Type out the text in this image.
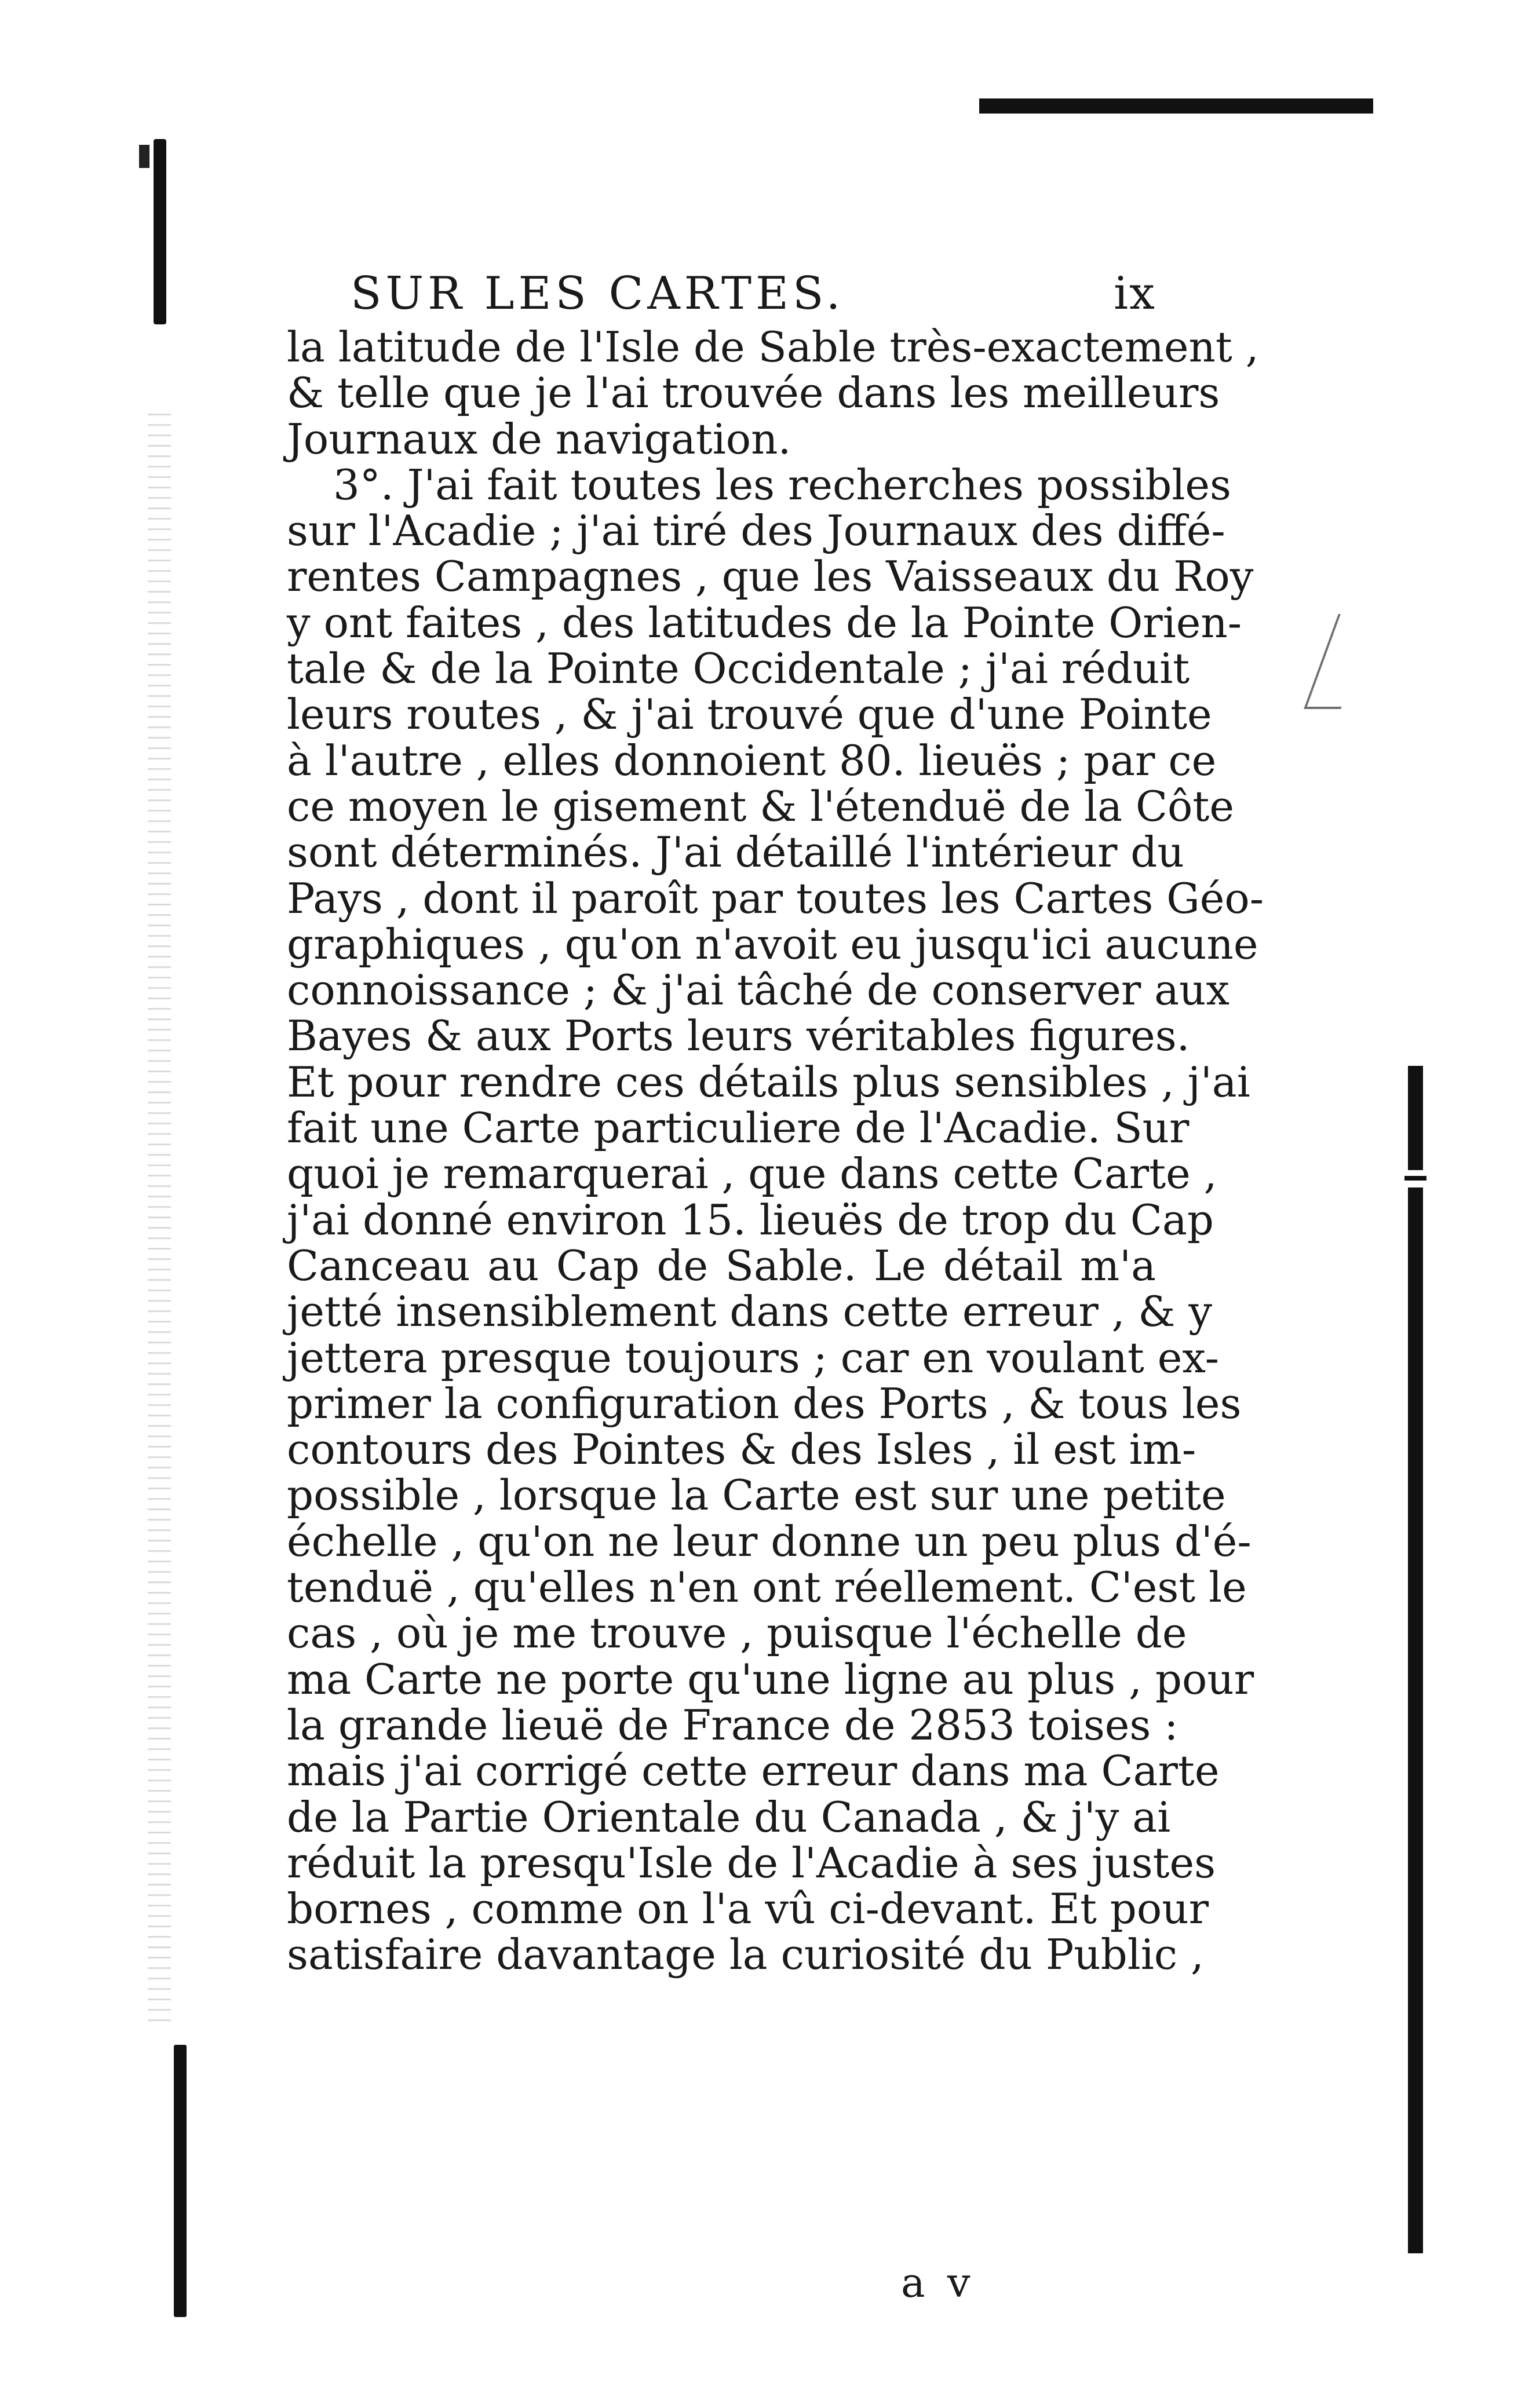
SUR LES CARTES.	ix
la latitude de l'Isle de Sable très-exactement ,
& telle que je l'ai trouvée dans les meilleurs
Journaux de navigation.
3°. J'ai fait toutes les recherches possibles
sur l'Acadie ; j'ai tiré des Journaux des diffé-
rentes Campagnes , que les Vaisseaux du Roy
y ont faites , des latitudes de la Pointe Orien-
tale & de la Pointe Occidentale ; j'ai réduit
leurs routes , & j'ai trouvé que d'une Pointe
à l'autre , elles donnoient 80. lieuës ; par ce
ce moyen le gisement & l'étenduë de la Côte
sont déterminés. J'ai détaillé l'intérieur du
Pays , dont il paroît par toutes les Cartes Géo-
graphiques , qu'on n'avoit eu jusqu'ici aucune
connoissance ; & j'ai tâché de conserver aux
Bayes & aux Ports leurs véritables figures.
Et pour rendre ces détails plus sensibles , j'ai
fait une Carte particuliere de l'Acadie. Sur
quoi je remarquerai , que dans cette Carte ,
j'ai donné environ 15. lieuës de trop du Cap
Canceau au Cap de Sable. Le détail m'a
jetté insensiblement dans cette erreur , & y
jettera presque toujours ; car en voulant ex-
primer la configuration des Ports , & tous les
contours des Pointes & des Isles , il est im-
possible , lorsque la Carte est sur une petite
échelle , qu'on ne leur donne un peu plus d'é-
tenduë , qu'elles n'en ont réellement. C'est le
cas , où je me trouve , puisque l'échelle de
ma Carte ne porte qu'une ligne au plus , pour
la grande lieuë de France de 2853 toises :
mais j'ai corrigé cette erreur dans ma Carte
de la Partie Orientale du Canada , & j'y ai
réduit la presqu'Isle de l'Acadie à ses justes
bornes , comme on l'a vû ci-devant. Et pour
satisfaire davantage la curiosité du Public ,
a v
